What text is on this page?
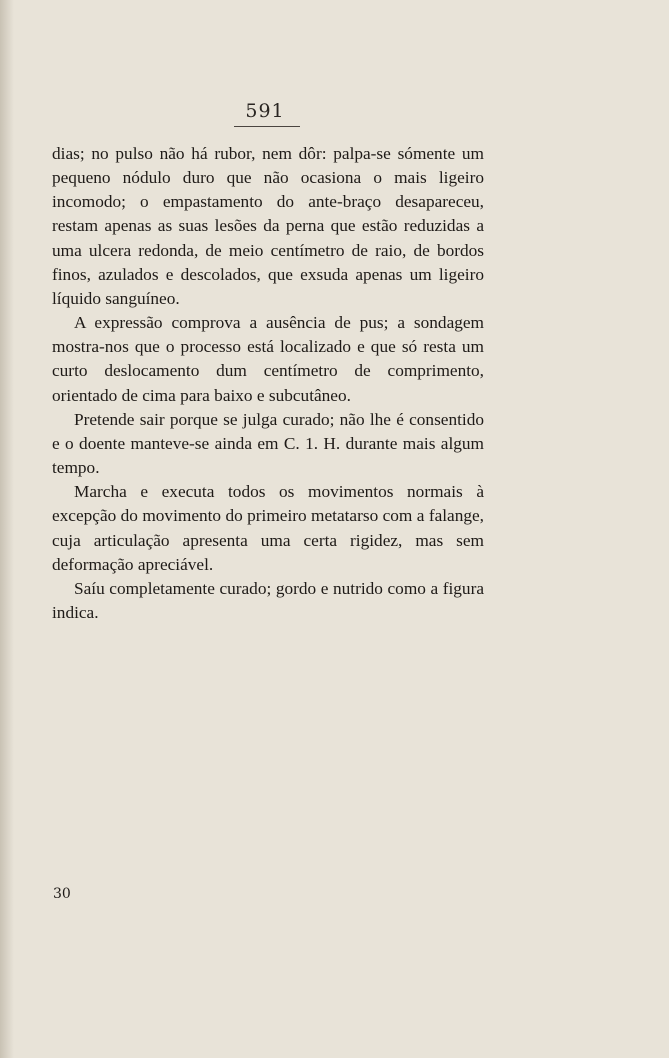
591

dias; no pulso não há rubor, nem dôr: palpa-se sómente um pequeno nódulo duro que não ocasiona o mais ligeiro incomodo; o empastamento do ante-braço desapareceu, restam apenas as suas lesões da perna que estão reduzidas a uma ulcera redonda, de meio centímetro de raio, de bordos finos, azulados e descolados, que exsuda apenas um ligeiro líquido sanguíneo.

A expressão comprova a ausência de pus; a sondagem mostra-nos que o processo está localizado e que só resta um curto deslocamento dum centímetro de comprimento, orientado de cima para baixo e subcutâneo.

Pretende sair porque se julga curado; não lhe é consentido e o doente manteve-se ainda em C. 1. H. durante mais algum tempo.

Marcha e executa todos os movimentos normais à excepção do movimento do primeiro metatarso com a falange, cuja articulação apresenta uma certa rigidez, mas sem deformação apreciável.

Saíu completamente curado; gordo e nutrido como a figura indica.

30
